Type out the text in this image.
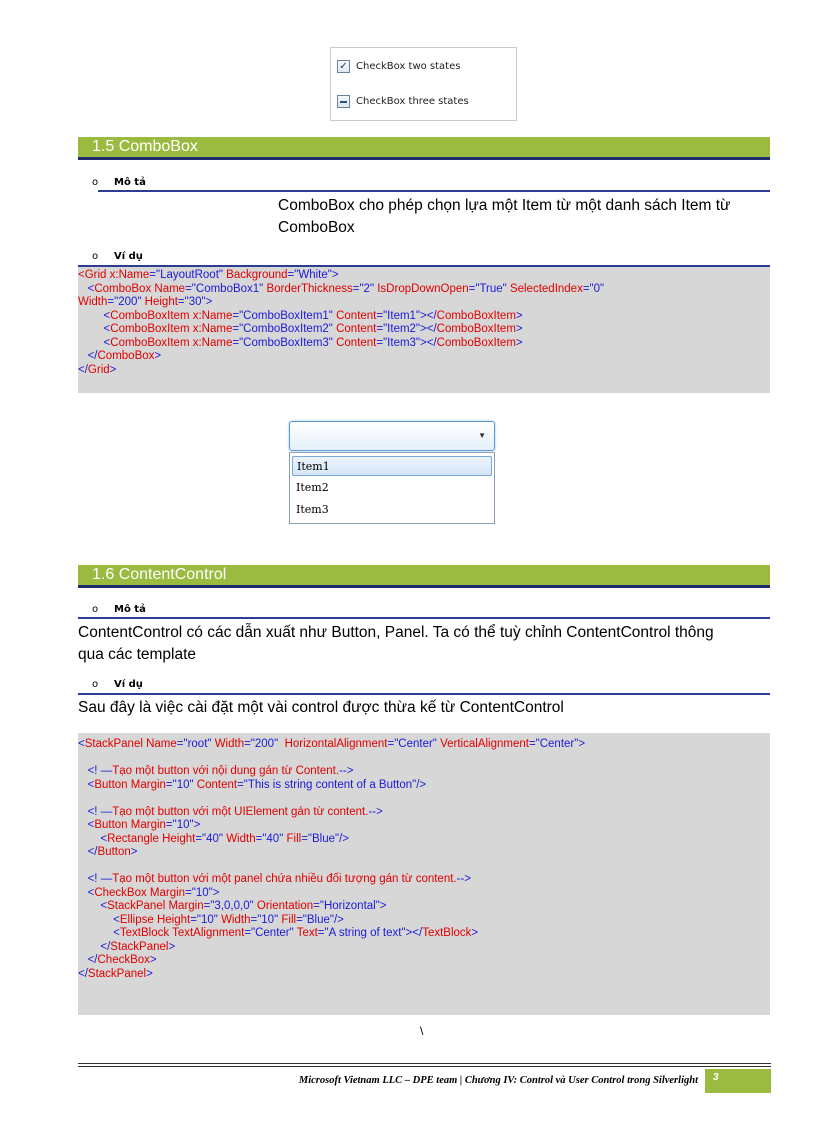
✓ CheckBox two states
CheckBox three states
1.5 ComboBox
o Mô tả
ComboBox cho phép chọn lựa một Item từ một danh sách Item từ
ComboBox
o Ví dụ
<Grid x:Name="LayoutRoot" Background="White">
<ComboBox Name="ComboBox1" BorderThickness="2" IsDropDownOpen="True" SelectedIndex="0"
Width="200" Height="30">
<ComboBoxItem x:Name="ComboBoxItem1" Content="Item1"></ComboBoxItem>
<ComboBoxItem x:Name="ComboBoxItem2" Content="Item2"></ComboBoxItem>
<ComboBoxItem x:Name="ComboBoxItem3" Content="Item3"></ComboBoxItem>
</ComboBox>
</Grid>
▼
Item1
Item2
Item3
1.6 ContentControl
o Mô tả
ContentControl có các dẫn xuất như Button, Panel. Ta có thể tuỳ chỉnh ContentControl thông
qua các template
o Ví dụ
Sau đây là việc cài đặt một vài control được thừa kế từ ContentControl
<StackPanel Name="root" Width="200"  HorizontalAlignment="Center" VerticalAlignment="Center">

<! —Tạo một button với nội dung gán từ Content.-->
<Button Margin="10" Content="This is string content of a Button"/>

<! —Tạo một button với một UIElement gán từ content.-->
<Button Margin="10">
<Rectangle Height="40" Width="40" Fill="Blue"/>
</Button>

<! —Tạo một button với một panel chứa nhiều đối tượng gán từ content.-->
<CheckBox Margin="10">
<StackPanel Margin="3,0,0,0" Orientation="Horizontal">
<Ellipse Height="10" Width="10" Fill="Blue"/>
<TextBlock TextAlignment="Center" Text="A string of text"></TextBlock>
</StackPanel>
</CheckBox>
</StackPanel>
\
Microsoft Vietnam LLC – DPE team | Chương IV: Control và User Control trong Silverlight	3
